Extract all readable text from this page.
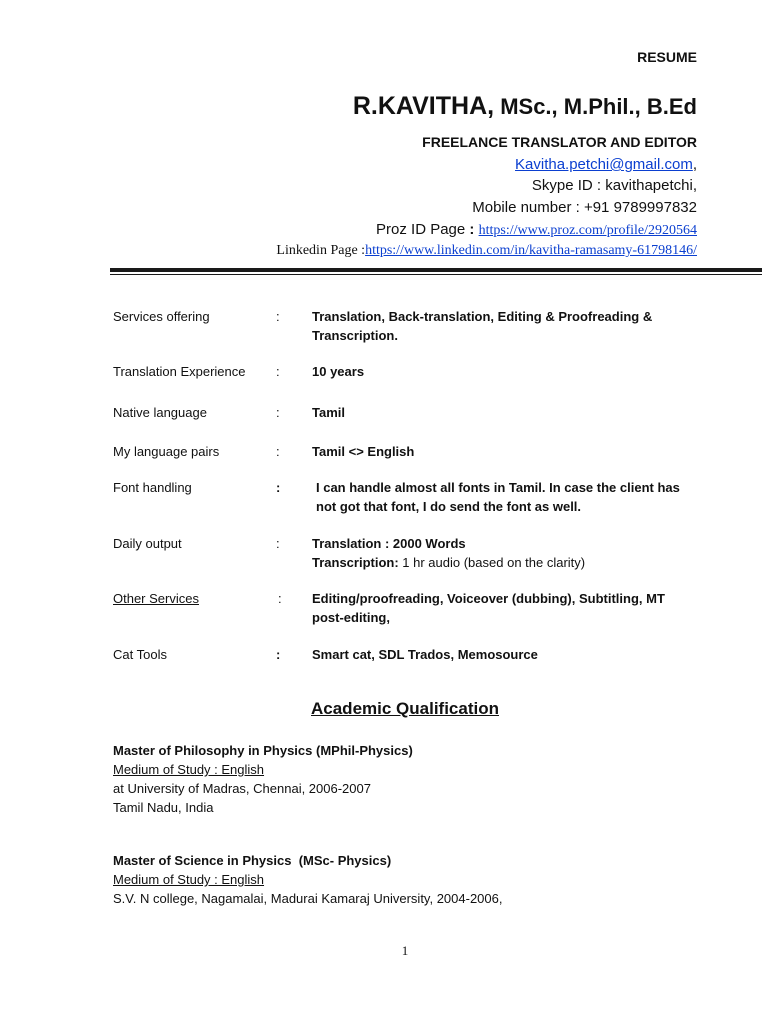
RESUME
R.KAVITHA, MSc., M.Phil., B.Ed
FREELANCE TRANSLATOR AND EDITOR
Kavitha.petchi@gmail.com,
Skype ID : kavithapetchi,
Mobile number : +91 9789997832
Proz ID Page : https://www.proz.com/profile/2920564
Linkedin Page :https://www.linkedin.com/in/kavitha-ramasamy-61798146/
Services offering	: Translation, Back-translation, Editing & Proofreading & Transcription.
Translation Experience : 10 years
Native language	: Tamil
My language pairs	: Tamil <> English
Font handling	:	I can handle almost all fonts in Tamil. In case the client has not got that font, I do send the font as well.
Daily output	: Translation : 2000 Words
Transcription: 1 hr audio (based on the clarity)
Other Services	: Editing/proofreading, Voiceover (dubbing), Subtitling, MT post-editing,
Cat Tools	: Smart cat, SDL Trados, Memosource
Academic Qualification
Master of Philosophy in Physics (MPhil-Physics)
Medium of Study : English
at University of Madras, Chennai, 2006-2007
Tamil Nadu, India
Master of Science in Physics  (MSc- Physics)
Medium of Study : English
S.V. N college, Nagamalai, Madurai Kamaraj University, 2004-2006,
1
